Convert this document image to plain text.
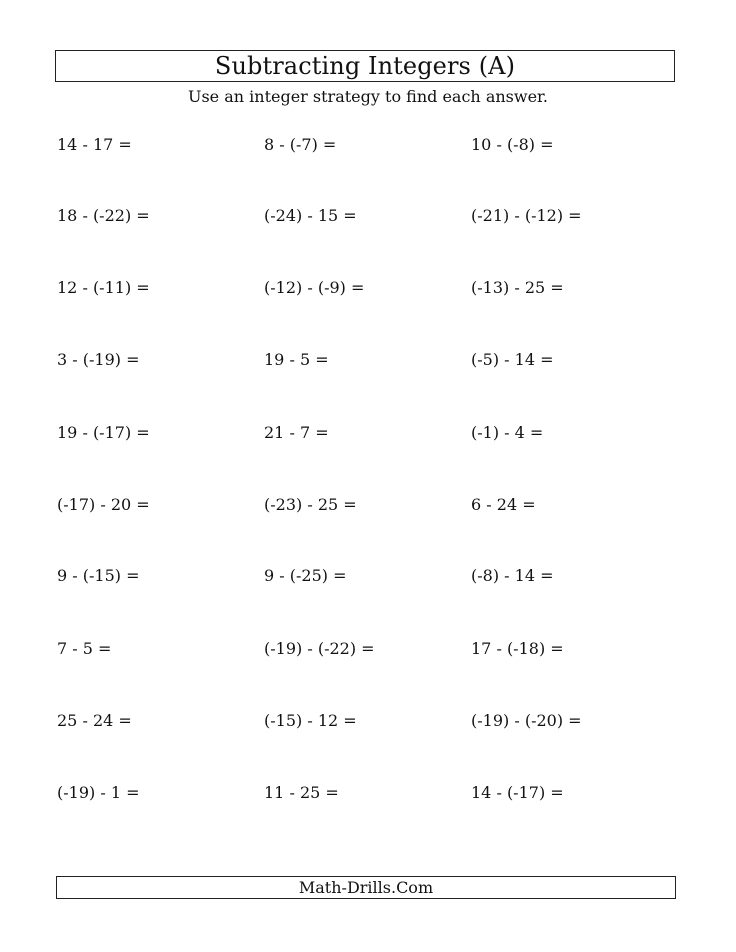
Subtracting Integers (A)
Use an integer strategy to find each answer.
14 - 17 =	8 - (-7) =	10 - (-8) =
18 - (-22) =	(-24) - 15 =	(-21) - (-12) =
12 - (-11) =	(-12) - (-9) =	(-13) - 25 =
3 - (-19) =	19 - 5 =	(-5) - 14 =
19 - (-17) =	21 - 7 =	(-1) - 4 =
(-17) - 20 =	(-23) - 25 =	6 - 24 =
9 - (-15) =	9 - (-25) =	(-8) - 14 =
7 - 5 =	(-19) - (-22) =	17 - (-18) =
25 - 24 =	(-15) - 12 =	(-19) - (-20) =
(-19) - 1 =	11 - 25 =	14 - (-17) =
Math-Drills.Com
